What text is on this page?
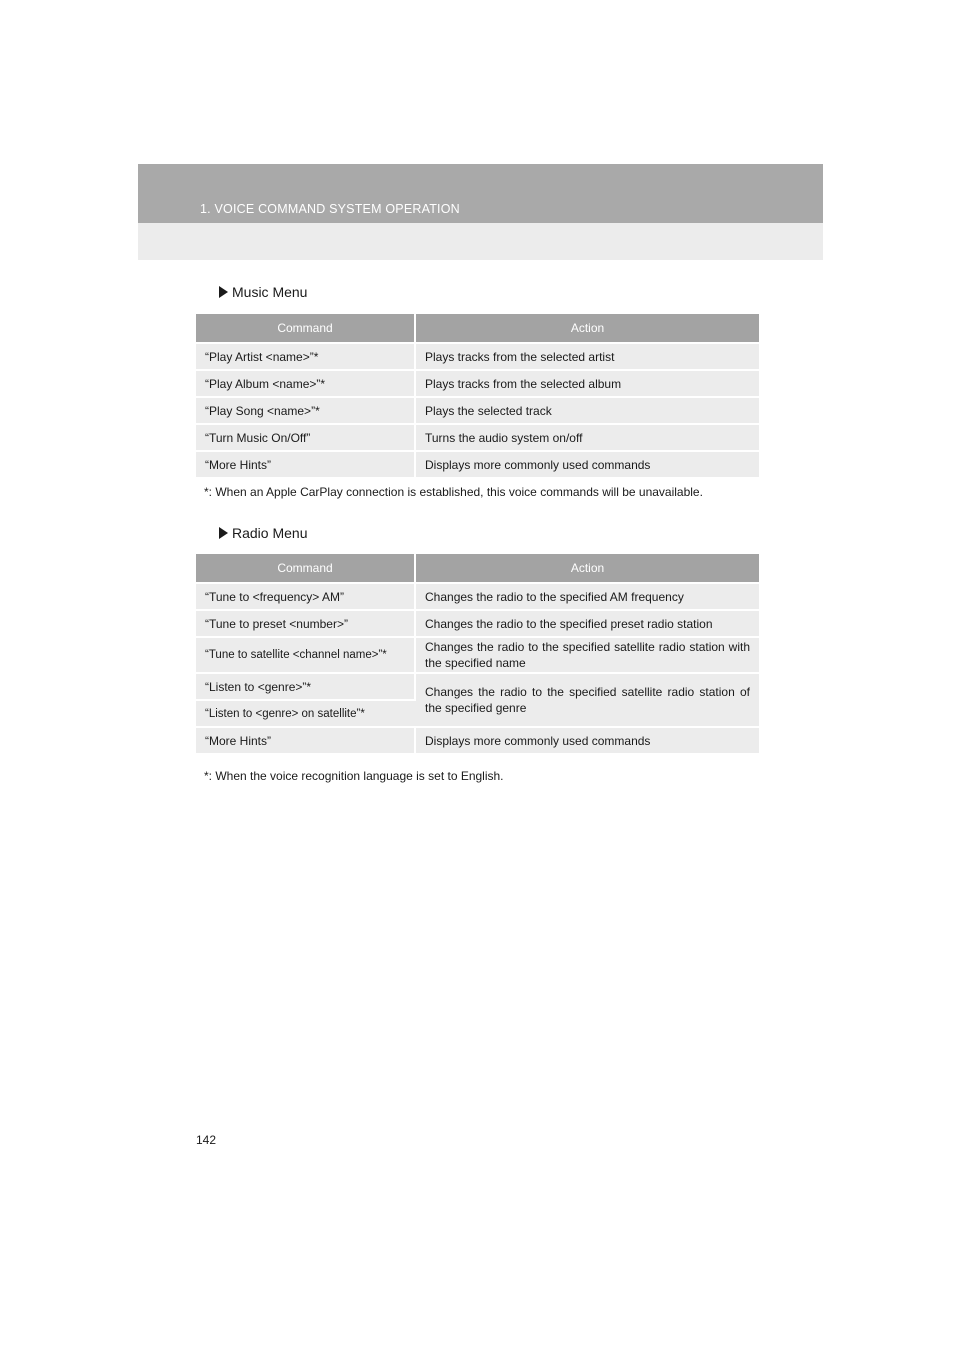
1. VOICE COMMAND SYSTEM OPERATION
Music Menu
Command	Action
“Play Artist <name>”*	Plays tracks from the selected artist
“Play Album <name>”*	Plays tracks from the selected album
“Play Song <name>”*	Plays the selected track
“Turn Music On/Off”	Turns the audio system on/off
“More Hints”	Displays more commonly used commands
*: When an Apple CarPlay connection is established, this voice commands will be unavailable.
Radio Menu
Command	Action
“Tune to <frequency> AM”	Changes the radio to the specified AM frequency
“Tune to preset <number>”	Changes the radio to the specified preset radio station
“Tune to satellite <channel name>”*	Changes the radio to the specified satellite radio station with the specified name
“Listen to <genre>”*	Changes the radio to the specified satellite radio station of the specified genre
“Listen to <genre> on satellite”*	
“More Hints”	Displays more commonly used commands
*: When the voice recognition language is set to English.
142
